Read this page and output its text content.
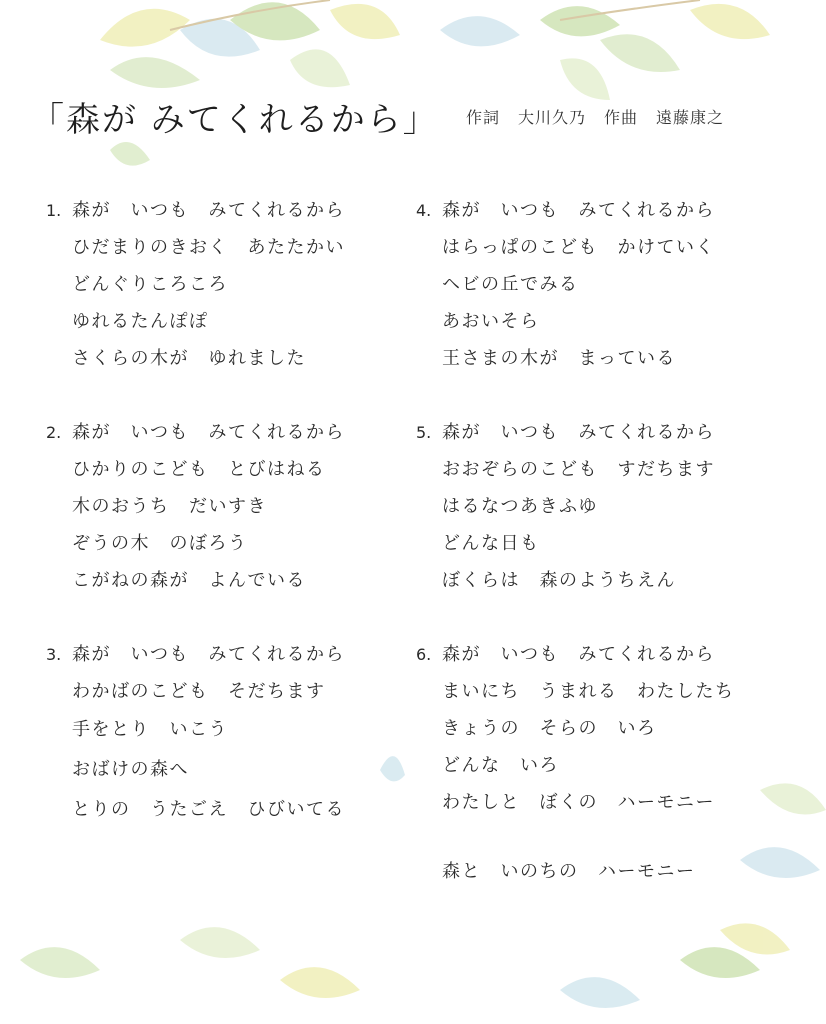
「森が みてくれるから」 作詞 大川久乃 作曲 遠藤康之
1. 森が　いつも　みてくれるから
ひだまりのきおく　あたたかい
どんぐりころころ
ゆれるたんぽぽ
さくらの木が　ゆれました
2. 森が　いつも　みてくれるから
ひかりのこども　とびはねる
木のおうち　だいすき
ぞうの木　のぼろう
こがねの森が　よんでいる
3. 森が　いつも　みてくれるから
わかばのこども　そだちます
手をとり　いこう
おばけの森へ
とりの　うたごえ　ひびいてる
4. 森が　いつも　みてくれるから
はらっぱのこども　かけていく
ヘビの丘でみる
あおいそら
王さまの木が　まっている
5. 森が　いつも　みてくれるから
おおぞらのこども　すだちます
はるなつあきふゆ
どんな日も
ぼくらは　森のようちえん
6. 森が　いつも　みてくれるから
まいにち　うまれる　わたしたち
きょうの　そらの　いろ
どんな　いろ
わたしと　ぼくの　ハーモニー
森と　いのちの　ハーモニー
